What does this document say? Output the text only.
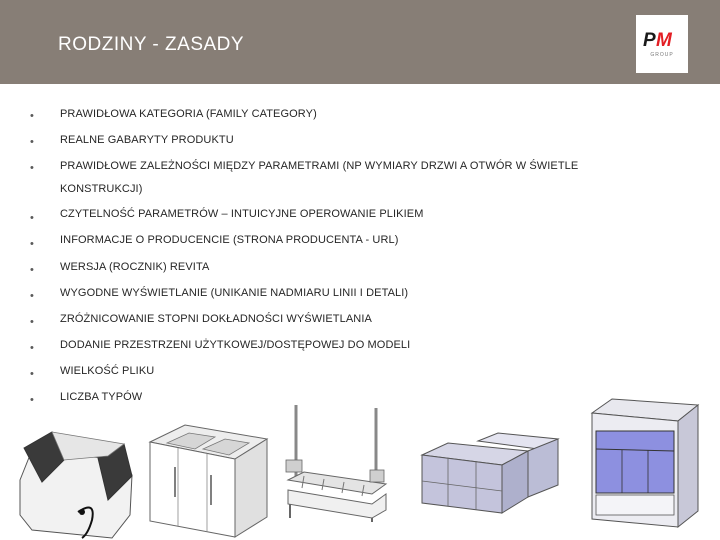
RODZINY - ZASADY	P M
GROUP
• PRAWIDŁOWA KATEGORIA (FAMILY CATEGORY)
• REALNE GABARYTY PRODUKTU
• PRAWIDŁOWE ZALEŻNOŚCI MIĘDZY PARAMETRAMI (NP WYMIARY DRZWI A OTWÓR W ŚWIETLE KONSTRUKCJI)
• CZYTELNOŚĆ PARAMETRÓW – INTUICYJNE OPEROWANIE PLIKIEM
• INFORMACJE O PRODUCENCIE (STRONA PRODUCENTA - URL)
• WERSJA (ROCZNIK) REVITA
• WYGODNE WYŚWIETLANIE (UNIKANIE NADMIARU LINII I DETALI)
• ZRÓŻNICOWANIE STOPNI DOKŁADNOŚCI WYŚWIETLANIA
• DODANIE PRZESTRZENI UŻYTKOWEJ/DOSTĘPOWEJ DO MODELI
• WIELKOŚĆ PLIKU
• LICZBA TYPÓW
